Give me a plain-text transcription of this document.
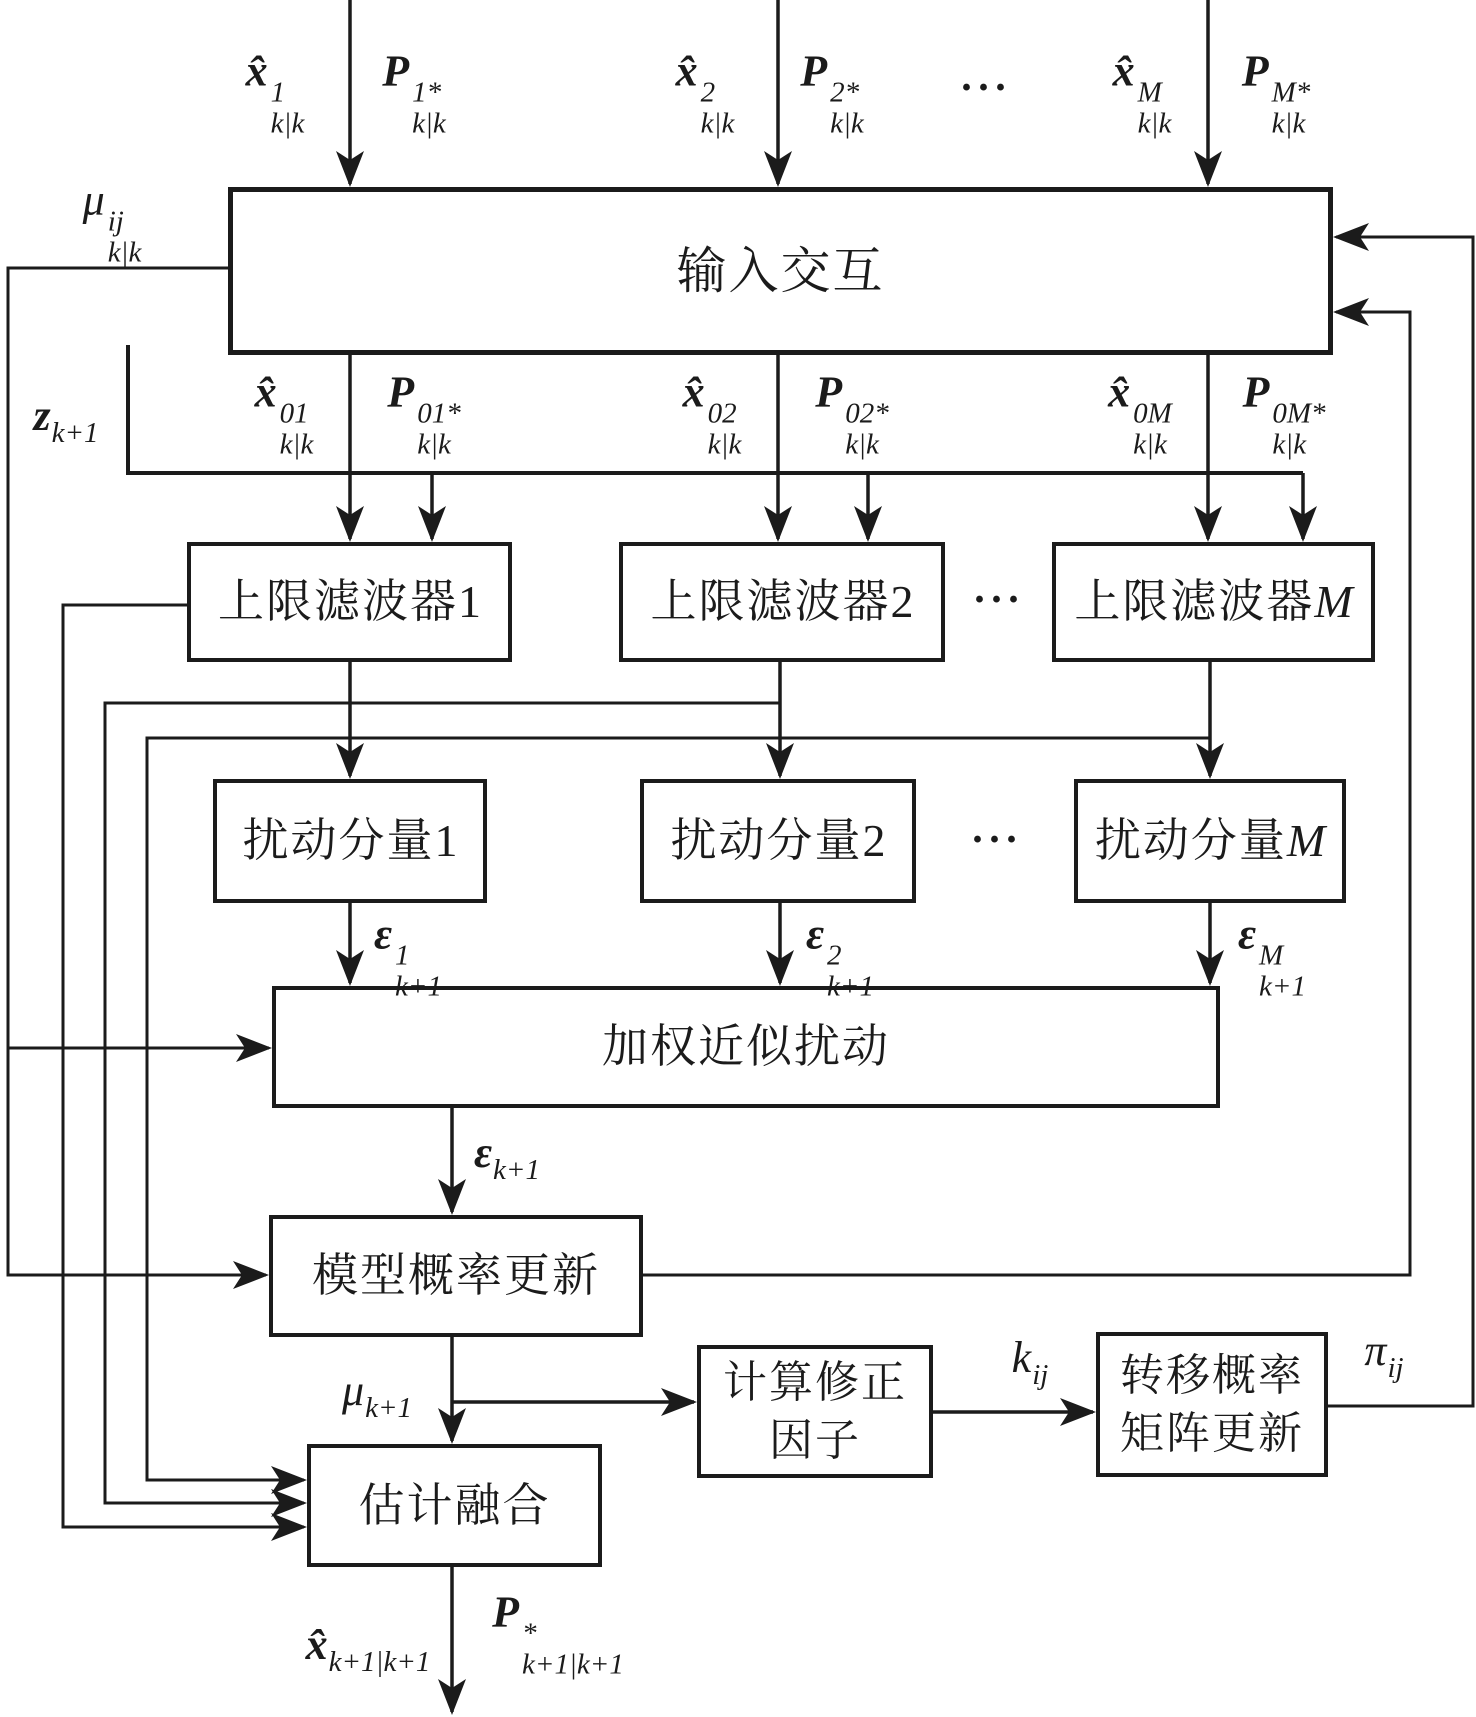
输入交互
上限滤波器1	上限滤波器2	上限滤波器M
扰动分量1	扰动分量2	扰动分量M
加权近似扰动
模型概率更新
估计融合
计算修正
因子
转移概率
矩阵更新
x̂ 1
k|k
P 1*
k|k
x̂ 2
k|k
P 2*
k|k
··· x̂ M
k|k
P M*
k|k
μ ij
k|k
$z_{k+1}$
x̂ 01
k|k
P 01*
k|k
x̂ 02
k|k
P 02*
k|k
x̂ 0M
k|k
P 0M*
k|k
···
···
ε 1
k+1
ε 2
k+1
ε M
k+1
$\varepsilon_{k+1}$
$\mu_{k+1}$
$k_{ij}$	$\pi_{ij}$
$x̂_{k+1|k+1}$
P *
k+1|k+1
